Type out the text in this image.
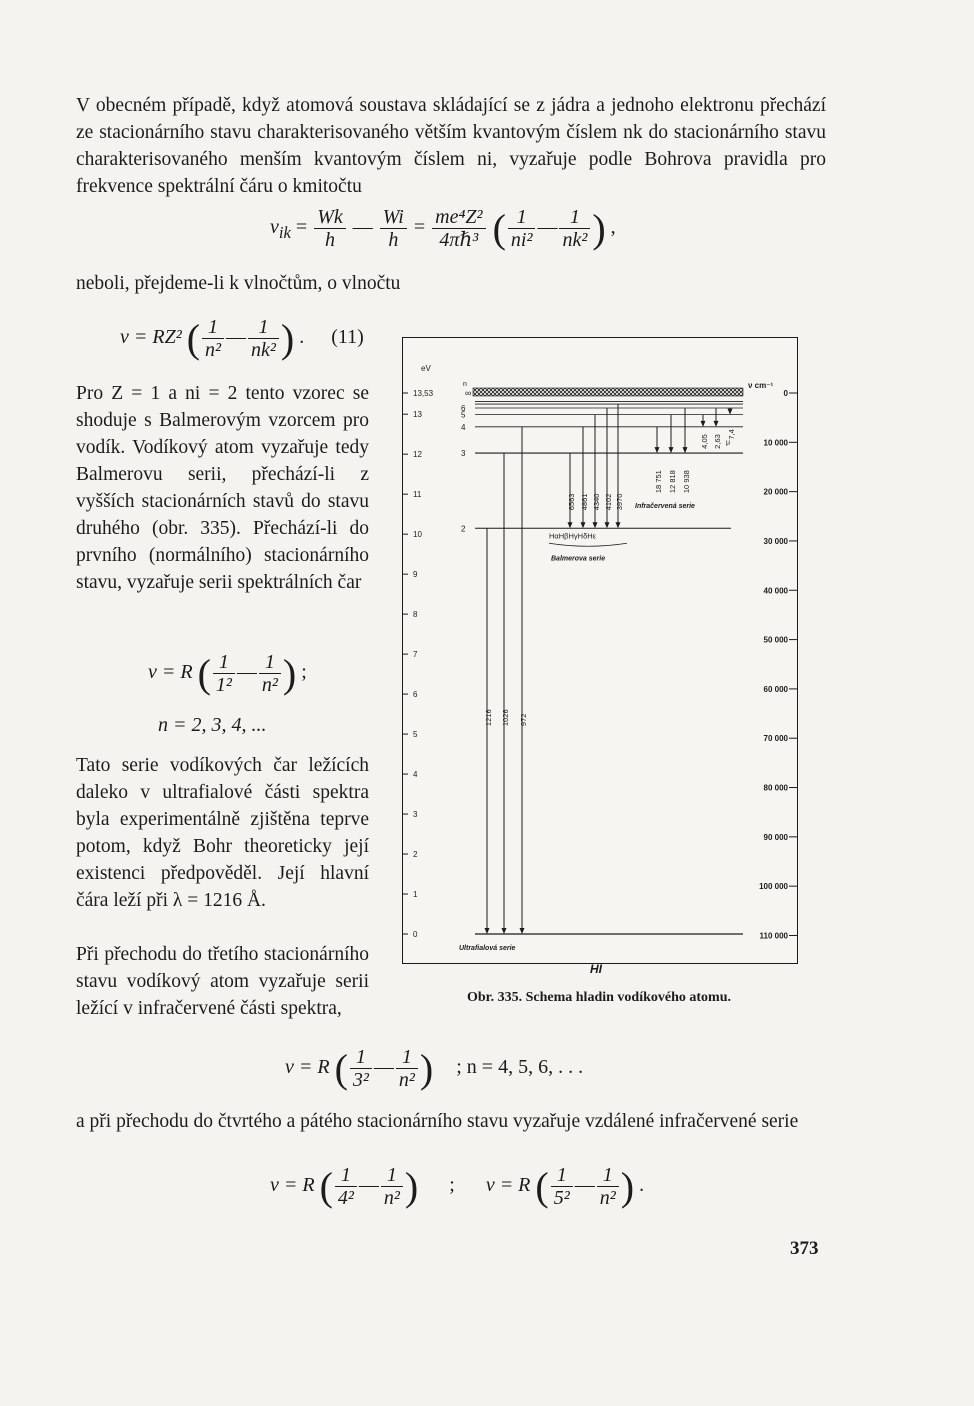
V obecném případě, když atomová soustava skládající se z jádra a jednoho elektronu přechází ze stacionárního stavu charakterisovaného větším kvantovým číslem nk do stacionárního stavu charakterisovaného menším kvantovým číslem ni, vyzařuje podle Bohrova pravidla pro frekvence spektrální čáru o kmitočtu
$\nu_{ik} = \frac{Wk}{h}$ — $\frac{Wi}{h} = \frac{\text{me⁴Z²}}{\text{4πℏ³}}$ ( $\frac{1}{\text{ni²}}$ — $\frac{1}{\text{nk²}}$ ) ,
neboli, přejdeme-li k vlnočtům, o vlnočtu
ν = RZ² ( $\frac{1}{\text{n²}}$ — $\frac{1}{\text{nk²}}$ ) . (11)
Pro Z = 1 a ni = 2 tento vzorec se shoduje s Balmerovým vzorcem pro vodík. Vodíkový atom vyzařuje tedy Balmerovu serii, přechází-li z vyšších stacionárních stavů do stavu druhého (obr. 335). Přechází-li do prvního (normálního) stacionárního stavu, vyzařuje serii spektrálních čar
ν = R ( $\frac{1}{\text{1²}}$ — $\frac{1}{\text{n²}}$ ) ;
n = 2, 3, 4, ...
Tato serie vodíkových čar ležících daleko v ultrafialové části spektra byla experimentálně zjištěna teprve potom, když Bohr theoreticky její existenci předpověděl. Její hlavní čára leží při λ = 1216 Å.
Při přechodu do třetího stacionárního stavu vodíkový atom vyzařuje serii ležící v infračervené části spektra,
eV
ν cm⁻¹
13,53
13
12
11
10
9
8
7
6
5
4
3
2
1
0
0
10 000
20 000
30 000
40 000
50 000
60 000
70 000
80 000
90 000
100 000
110 000
∞
n
6
5
4
3
2
1216 1026 972
Ultrafialová serie
6563 4861 4340 4102 3970
HαHβHγHδHε
Balmerova serie
18 751 12 818 10 938
Infračervená serie
4,05 2,63 7,4
μ
HI
Obr. 335. Schema hladin vodíkového atomu.
ν = R ( $\frac{1}{\text{3²}}$ — $\frac{1}{\text{n²}}$ ) ; n = 4, 5, 6, . . .
a při přechodu do čtvrtého a pátého stacionárního stavu vyzařuje vzdálené infračervené serie
ν = R ( $\frac{1}{\text{4²}}$ — $\frac{1}{\text{n²}}$ ) ; ν = R ( $\frac{1}{\text{5²}}$ — $\frac{1}{\text{n²}}$ ) .
373
